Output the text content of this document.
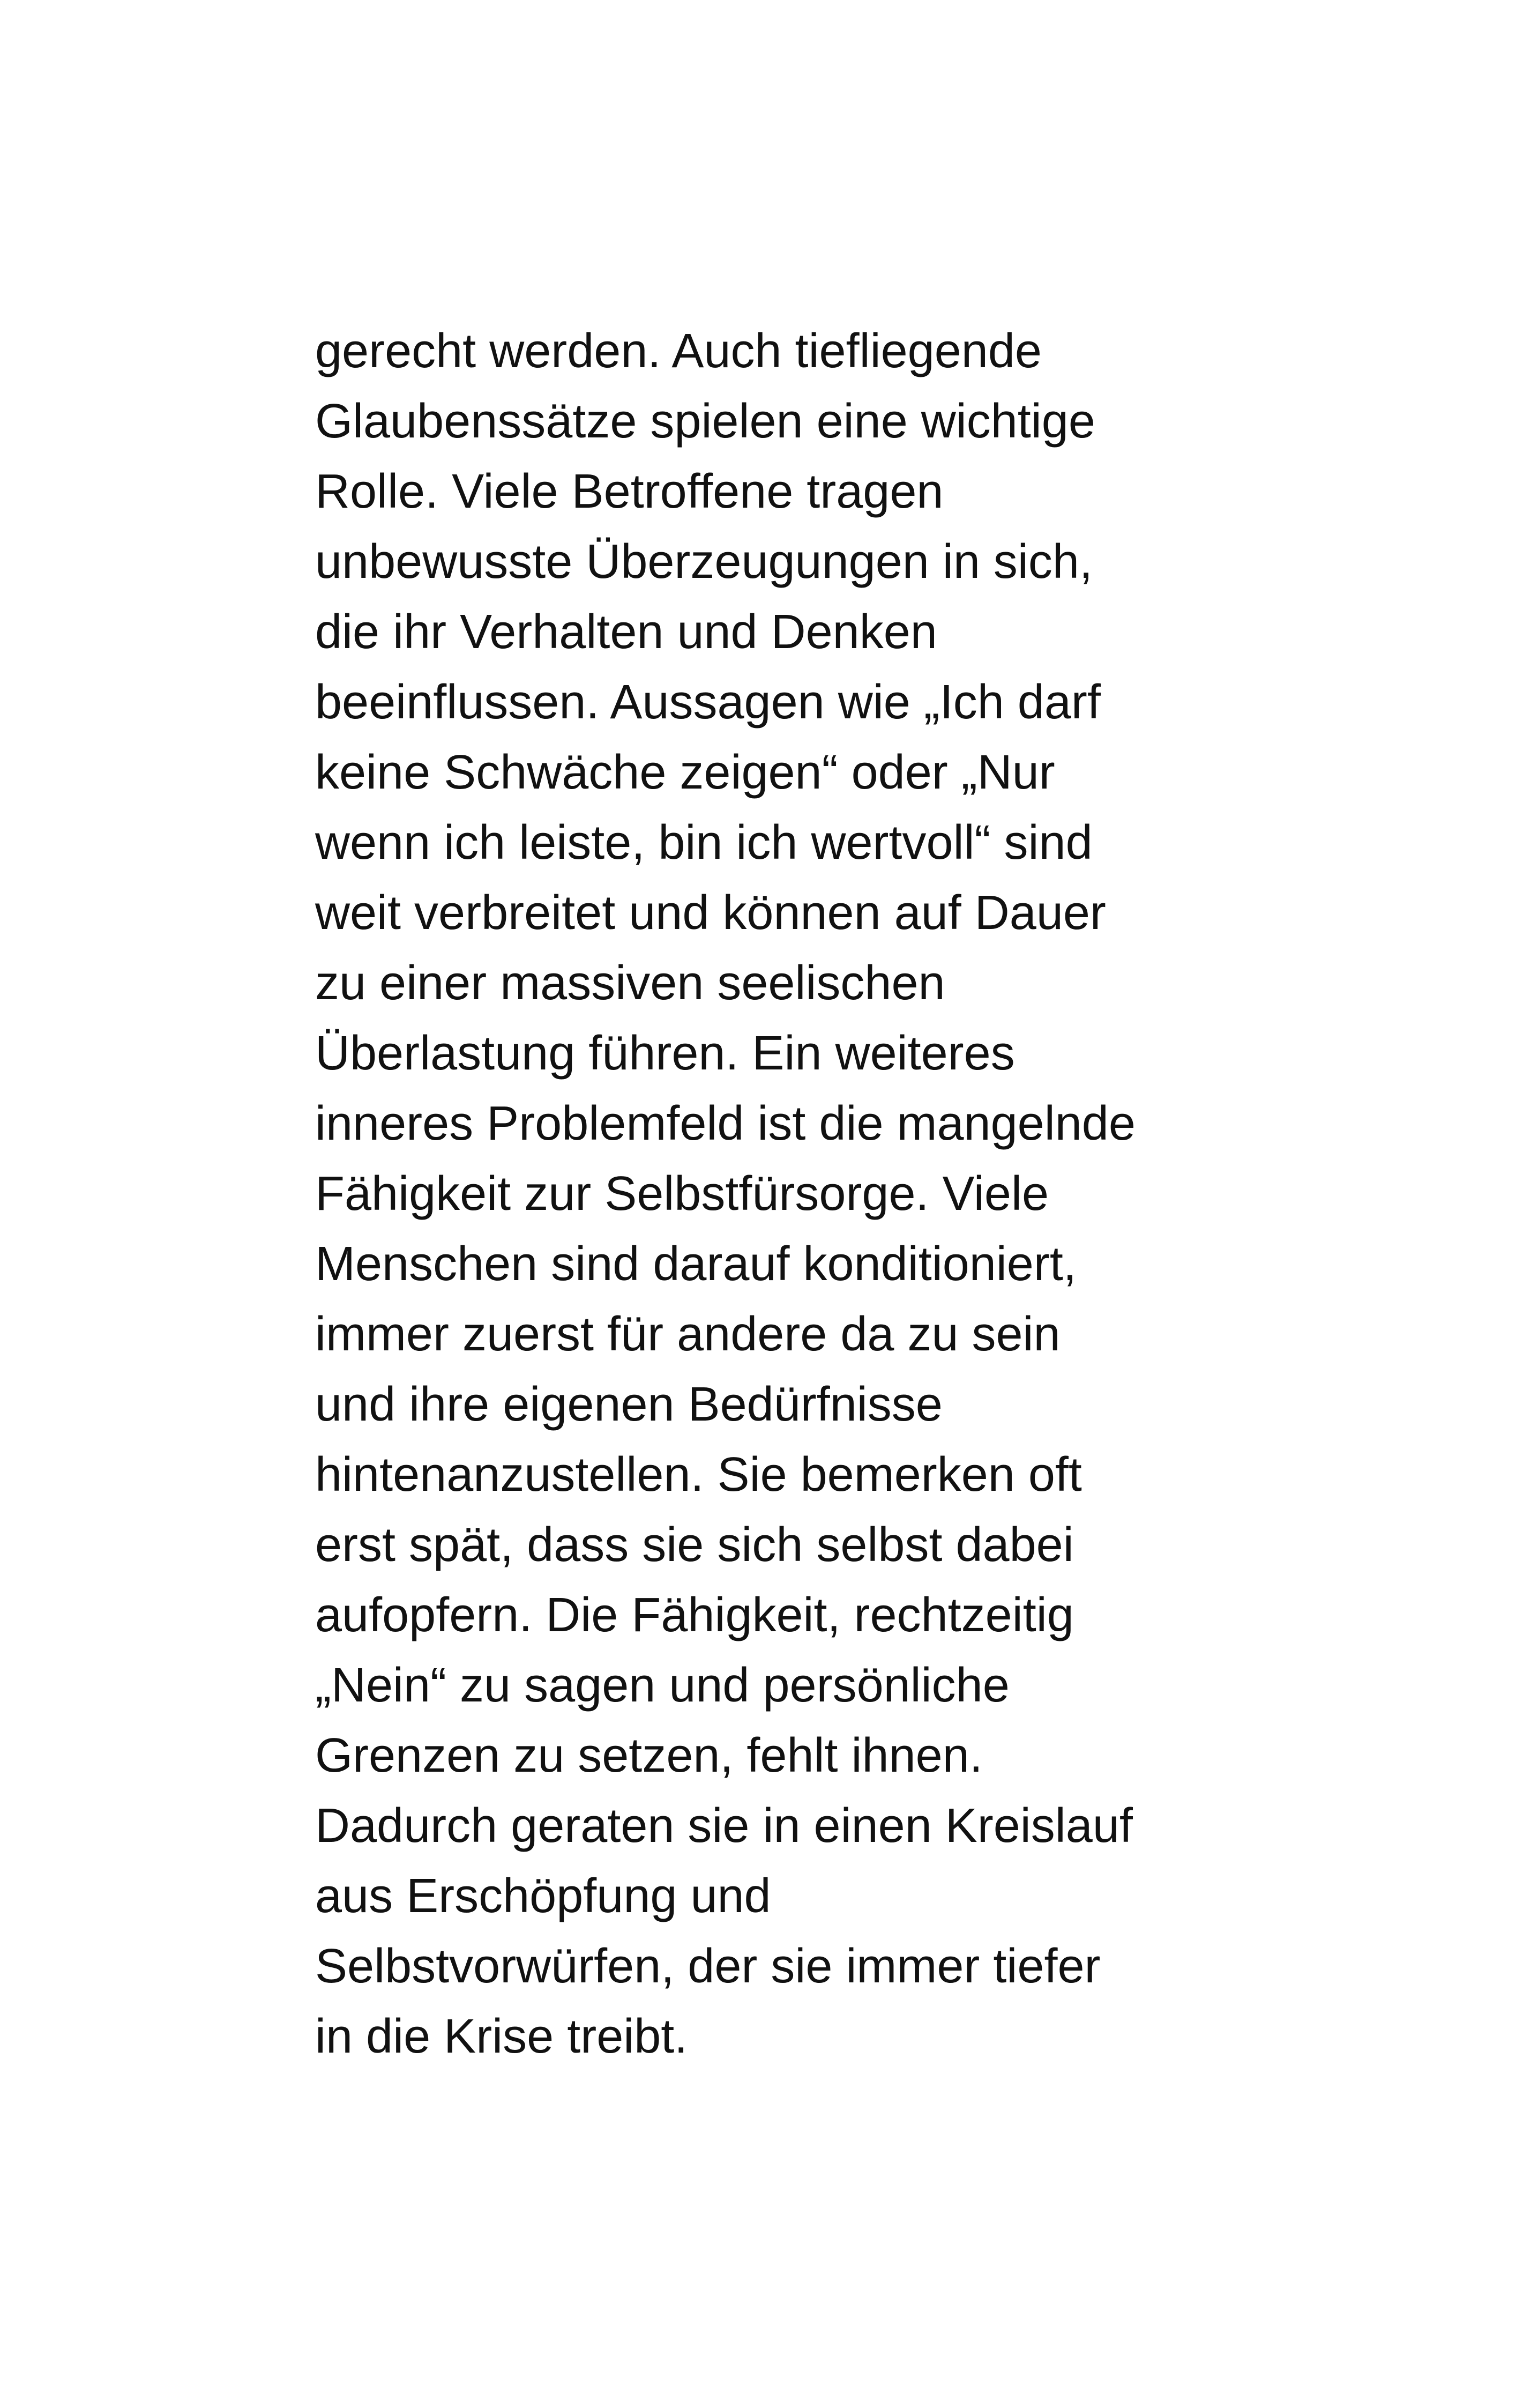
gerecht werden. Auch tiefliegende
Glaubenssätze spielen eine wichtige
Rolle. Viele Betroffene tragen
unbewusste Überzeugungen in sich,
die ihr Verhalten und Denken
beeinflussen. Aussagen wie „Ich darf
keine Schwäche zeigen“ oder „Nur
wenn ich leiste, bin ich wertvoll“ sind
weit verbreitet und können auf Dauer
zu einer massiven seelischen
Überlastung führen. Ein weiteres
inneres Problemfeld ist die mangelnde
Fähigkeit zur Selbstfürsorge. Viele
Menschen sind darauf konditioniert,
immer zuerst für andere da zu sein
und ihre eigenen Bedürfnisse
hintenanzustellen. Sie bemerken oft
erst spät, dass sie sich selbst dabei
aufopfern. Die Fähigkeit, rechtzeitig
„Nein“ zu sagen und persönliche
Grenzen zu setzen, fehlt ihnen.
Dadurch geraten sie in einen Kreislauf
aus Erschöpfung und
Selbstvorwürfen, der sie immer tiefer
in die Krise treibt.
